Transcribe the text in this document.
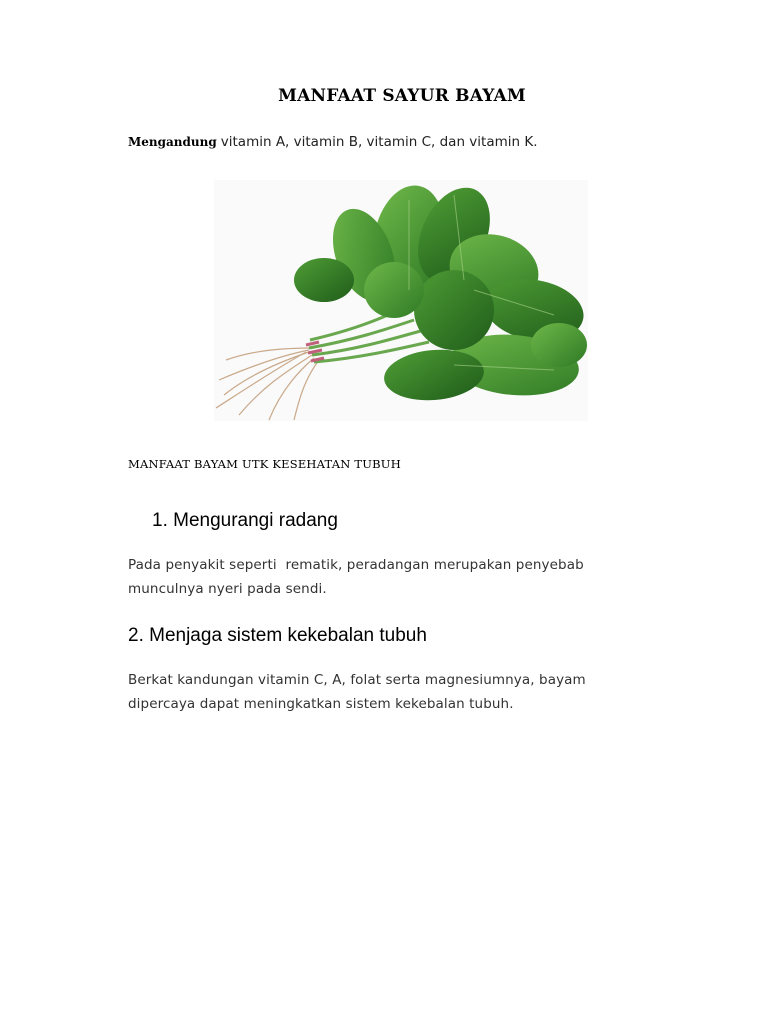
MANFAAT SAYUR BAYAM
Mengandung vitamin A, vitamin B, vitamin C, dan vitamin K.
MANFAAT BAYAM UTK KESEHATAN TUBUH
1. Mengurangi radang
Pada penyakit seperti  rematik, peradangan merupakan penyebab
munculnya nyeri pada sendi.
2. Menjaga sistem kekebalan tubuh
Berkat kandungan vitamin C, A, folat serta magnesiumnya, bayam
dipercaya dapat meningkatkan sistem kekebalan tubuh.
